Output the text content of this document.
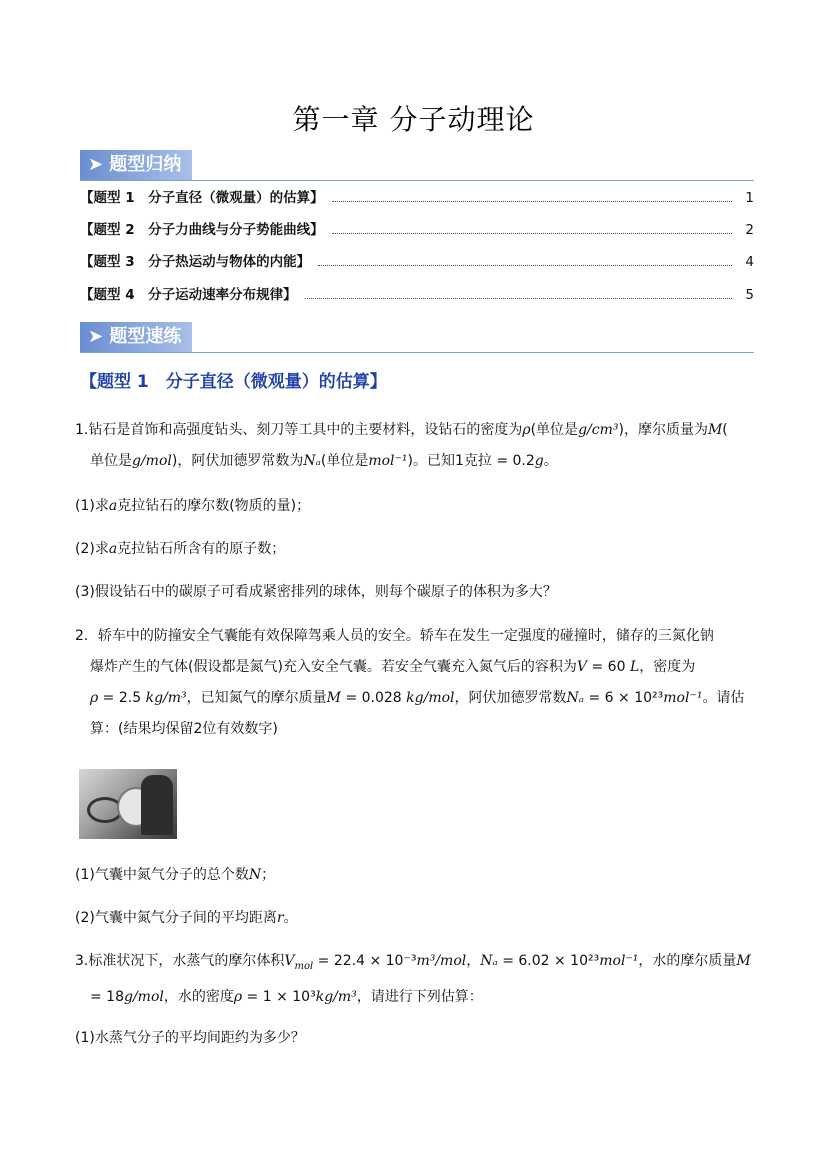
第一章 分子动理论
➤ 题型归纳
【题型 1　分子直径（微观量）的估算】	1
【题型 2　分子力曲线与分子势能曲线】	2
【题型 3　分子热运动与物体的内能】	4
【题型 4　分子运动速率分布规律】	5
➤ 题型速练
【题型 1　分子直径（微观量）的估算】
1.钻石是首饰和高强度钻头、刻刀等工具中的主要材料，设钻石的密度为ρ(单位是g/cm³)，摩尔质量为M(
单位是g/mol)，阿伏加德罗常数为Nₐ(单位是mol⁻¹)。已知1克拉 = 0.2g。
(1)求a克拉钻石的摩尔数(物质的量)；
(2)求a克拉钻石所含有的原子数；
(3)假设钻石中的碳原子可看成紧密排列的球体，则每个碳原子的体积为多大？
2．轿车中的防撞安全气囊能有效保障驾乘人员的安全。轿车在发生一定强度的碰撞时，储存的三氮化钠
爆炸产生的气体(假设都是氮气)充入安全气囊。若安全气囊充入氮气后的容积为V = 60 L，密度为
ρ = 2.5 kg/m³，已知氮气的摩尔质量M = 0.028 kg/mol，阿伏加德罗常数Nₐ = 6 × 10²³mol⁻¹。请估
算：(结果均保留2位有效数字)
(1)气囊中氮气分子的总个数N；
(2)气囊中氮气分子间的平均距离r。
3.标准状况下，水蒸气的摩尔体积$V_{mol} = 22.4 \times 10^{-3}m^3/mol$，Nₐ = 6.02 × 10²³mol⁻¹，水的摩尔质量M
= 18g/mol，水的密度ρ = 1 × 10³kg/m³，请进行下列估算：
(1)水蒸气分子的平均间距约为多少？
